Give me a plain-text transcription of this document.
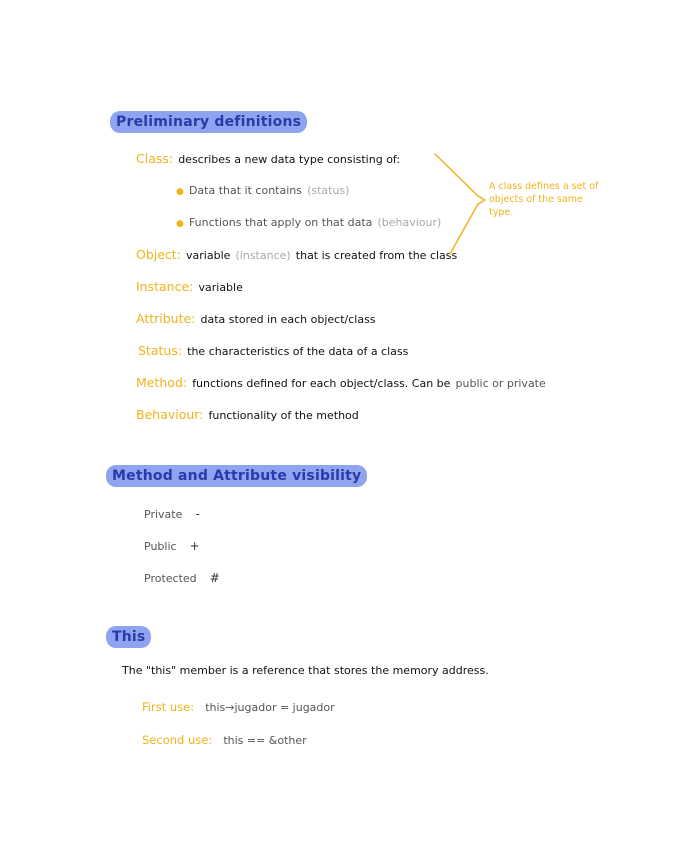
Preliminary definitions
Class: describes a new data type consisting of:
● Data that it contains (status)
● Functions that apply on that data (behaviour)
Object: variable (instance) that is created from the class
A class defines a set of objects of the same type.
Instance: variable
Attribute: data stored in each object/class
Status: the characteristics of the data of a class
Method: functions defined for each object/class. Can be public or private
Behaviour: functionality of the method
Method and Attribute visibility
Private -
Public +
Protected #
This
The "this" member is a reference that stores the memory address.
First use: this→jugador = jugador
Second use: this == &other
